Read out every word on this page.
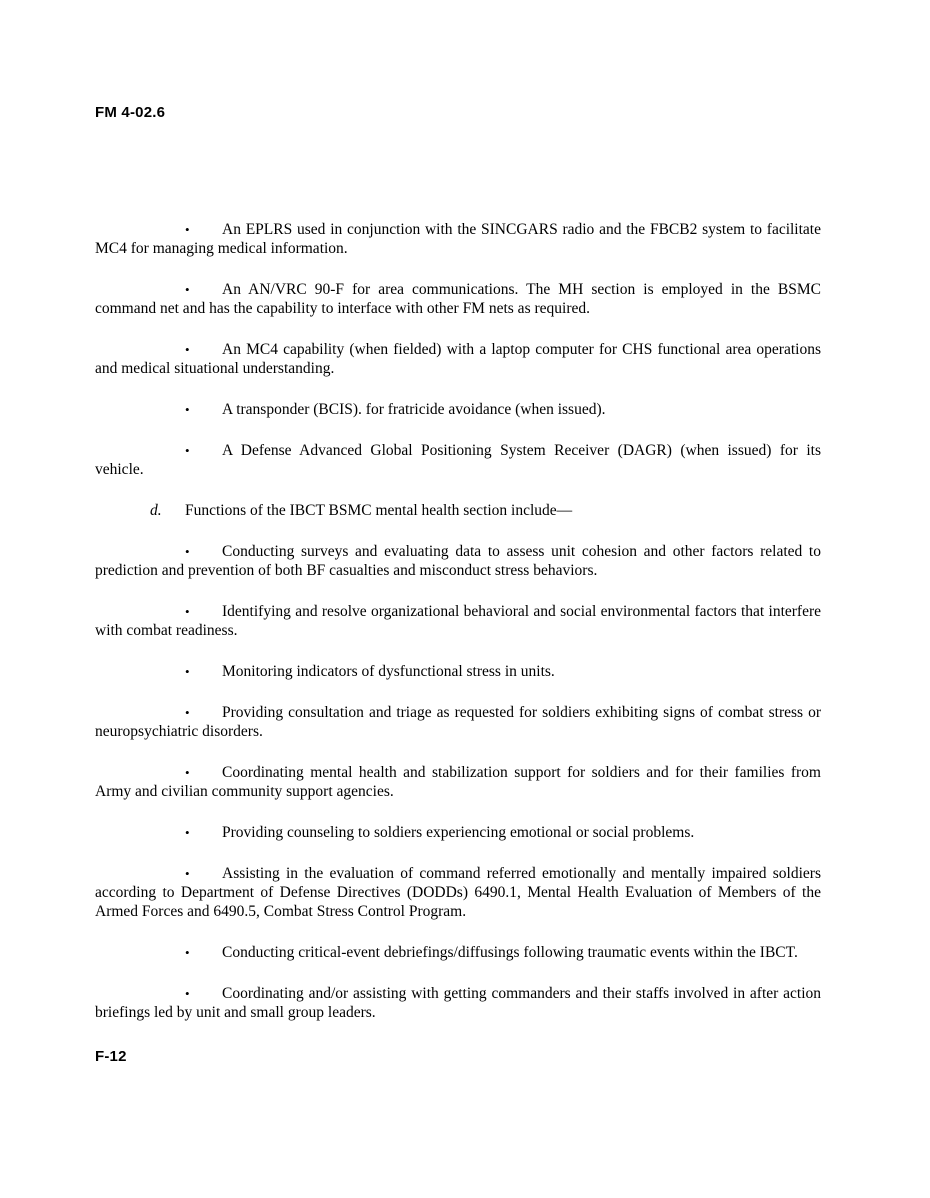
FM 4-02.6

• An EPLRS used in conjunction with the SINCGARS radio and the FBCB2 system to facilitate MC4 for managing medical information.

• An AN/VRC 90-F for area communications. The MH section is employed in the BSMC command net and has the capability to interface with other FM nets as required.

• An MC4 capability (when fielded) with a laptop computer for CHS functional area operations and medical situational understanding.

• A transponder (BCIS). for fratricide avoidance (when issued).

• A Defense Advanced Global Positioning System Receiver (DAGR) (when issued) for its vehicle.

d. Functions of the IBCT BSMC mental health section include—

• Conducting surveys and evaluating data to assess unit cohesion and other factors related to prediction and prevention of both BF casualties and misconduct stress behaviors.

• Identifying and resolve organizational behavioral and social environmental factors that interfere with combat readiness.

• Monitoring indicators of dysfunctional stress in units.

• Providing consultation and triage as requested for soldiers exhibiting signs of combat stress or neuropsychiatric disorders.

• Coordinating mental health and stabilization support for soldiers and for their families from Army and civilian community support agencies.

• Providing counseling to soldiers experiencing emotional or social problems.

• Assisting in the evaluation of command referred emotionally and mentally impaired soldiers according to Department of Defense Directives (DODDs) 6490.1, Mental Health Evaluation of Members of the Armed Forces and 6490.5, Combat Stress Control Program.

• Conducting critical-event debriefings/diffusings following traumatic events within the IBCT.

• Coordinating and/or assisting with getting commanders and their staffs involved in after action briefings led by unit and small group leaders.

F-12
